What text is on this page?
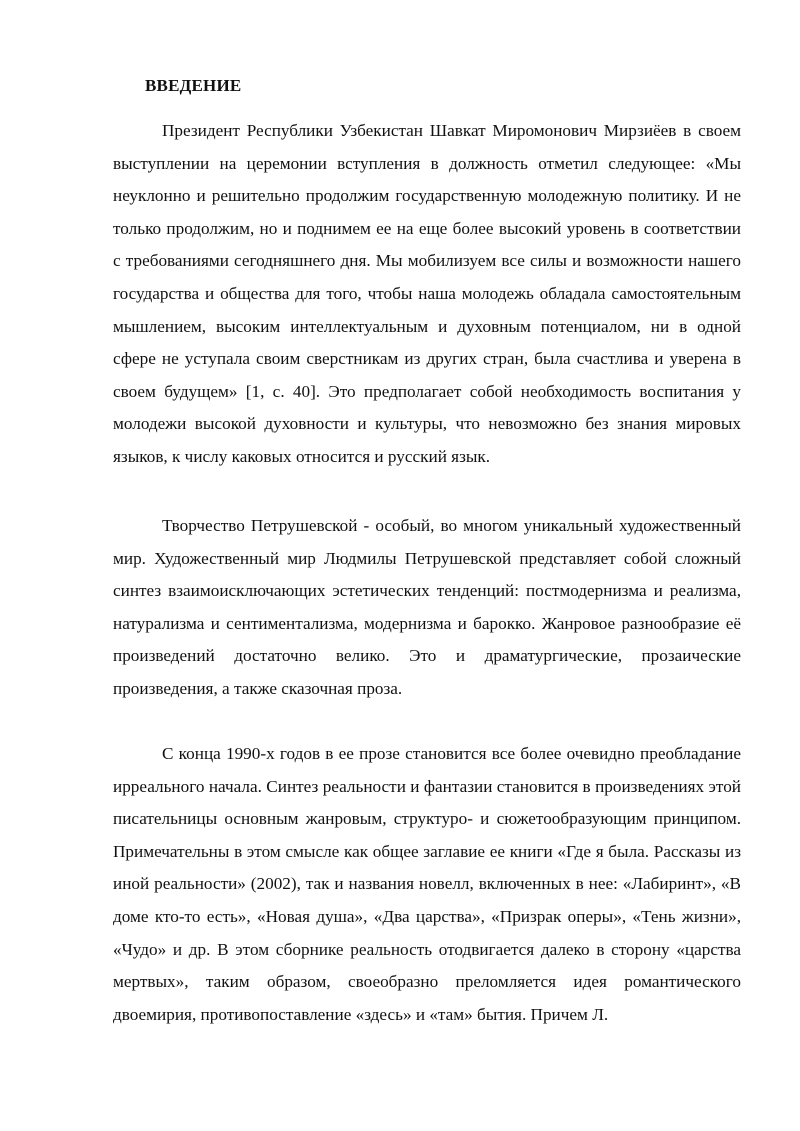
ВВЕДЕНИЕ

Президент Республики Узбекистан Шавкат Миромонович Мирзиёев в своем выступлении на церемонии вступления в должность отметил следующее: «Мы неуклонно и решительно продолжим государственную молодежную политику. И не только продолжим, но и поднимем ее на еще более высокий уровень в соответствии с требованиями сегодняшнего дня. Мы мобилизуем все силы и возможности нашего государства и общества для того, чтобы наша молодежь обладала самостоятельным мышлением, высоким интеллектуальным и духовным потенциалом, ни в одной сфере не уступала своим сверстникам из других стран, была счастлива и уверена в своем будущем» [1, с. 40]. Это предполагает собой необходимость воспитания у молодежи высокой духовности и культуры, что невозможно без знания мировых языков, к числу каковых относится и русский язык.

Творчество Петрушевской - особый, во многом уникальный художественный мир. Художественный мир Людмилы Петрушевской представляет собой сложный синтез взаимоисключающих эстетических тенденций: постмодернизма и реализма, натурализма и сентиментализма, модернизма и барокко. Жанровое разнообразие её произведений достаточно велико. Это и драматургические, прозаические произведения, а также сказочная проза.

С конца 1990-х годов в ее прозе становится все более очевидно преобладание ирреального начала. Синтез реальности и фантазии становится в произведениях этой писательницы основным жанровым, структуро- и сюжетообразующим принципом. Примечательны в этом смысле как общее заглавие ее книги «Где я была. Рассказы из иной реальности» (2002), так и названия новелл, включенных в нее: «Лабиринт», «В доме кто-то есть», «Новая душа», «Два царства», «Призрак оперы», «Тень жизни», «Чудо» и др. В этом сборнике реальность отодвигается далеко в сторону «царства мертвых», таким образом, своеобразно преломляется идея романтического двоемирия, противопоставление «здесь» и «там» бытия. Причем Л.
